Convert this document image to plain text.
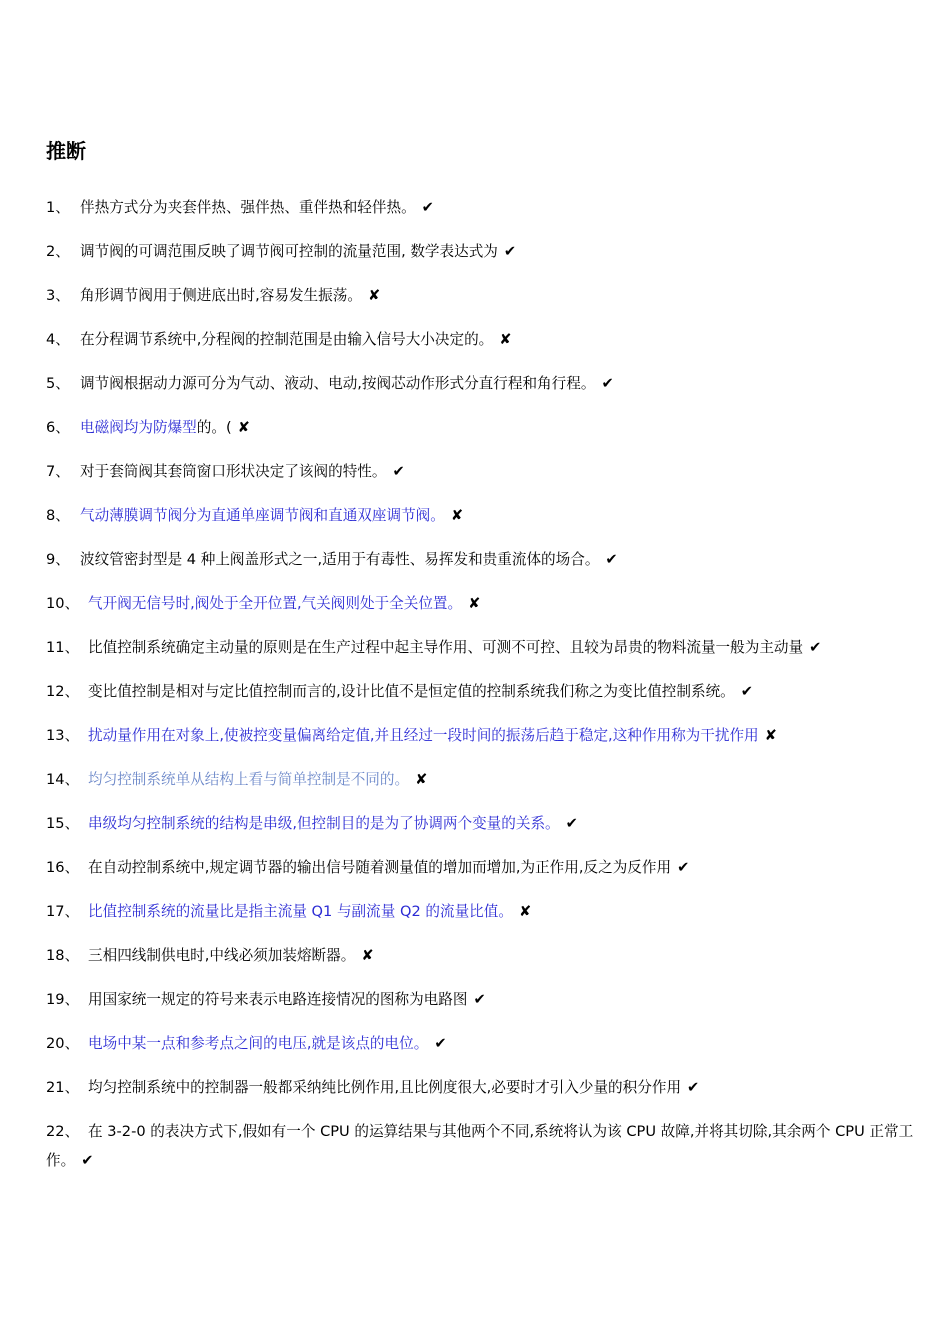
推断
1、 伴热方式分为夹套伴热、强伴热、重伴热和轻伴热。 ✔
2、 调节阀的可调范围反映了调节阀可控制的流量范围, 数学表达式为 ✔
3、 角形调节阀用于侧进底出时,容易发生振荡。 ✘
4、 在分程调节系统中,分程阀的控制范围是由输入信号大小决定的。 ✘
5、 调节阀根据动力源可分为气动、液动、电动,按阀芯动作形式分直行程和角行程。 ✔
6、 电磁阀均为防爆型的。( ✘
7、 对于套筒阀其套筒窗口形状决定了该阀的特性。 ✔
8、 气动薄膜调节阀分为直通单座调节阀和直通双座调节阀。 ✘
9、 波纹管密封型是 4 种上阀盖形式之一,适用于有毒性、易挥发和贵重流体的场合。 ✔
10、 气开阀无信号时,阀处于全开位置,气关阀则处于全关位置。 ✘
11、 比值控制系统确定主动量的原则是在生产过程中起主导作用、可测不可控、且较为昂贵的物料流量一般为主动量 ✔
12、 变比值控制是相对与定比值控制而言的,设计比值不是恒定值的控制系统我们称之为变比值控制系统。 ✔
13、 扰动量作用在对象上,使被控变量偏离给定值,并且经过一段时间的振荡后趋于稳定,这种作用称为干扰作用 ✘
14、 均匀控制系统单从结构上看与简单控制是不同的。 ✘
15、 串级均匀控制系统的结构是串级,但控制目的是为了协调两个变量的关系。 ✔
16、 在自动控制系统中,规定调节器的输出信号随着测量值的增加而增加,为正作用,反之为反作用 ✔
17、 比值控制系统的流量比是指主流量 Q1 与副流量 Q2 的流量比值。 ✘
18、 三相四线制供电时,中线必须加装熔断器。 ✘
19、 用国家统一规定的符号来表示电路连接情况的图称为电路图 ✔
20、 电场中某一点和参考点之间的电压,就是该点的电位。 ✔
21、 均匀控制系统中的控制器一般都采纳纯比例作用,且比例度很大,必要时才引入少量的积分作用 ✔
22、 在 3-2-0 的表决方式下,假如有一个 CPU 的运算结果与其他两个不同,系统将认为该 CPU 故障,并将其切除,其余两个 CPU 正常工作。 ✔
